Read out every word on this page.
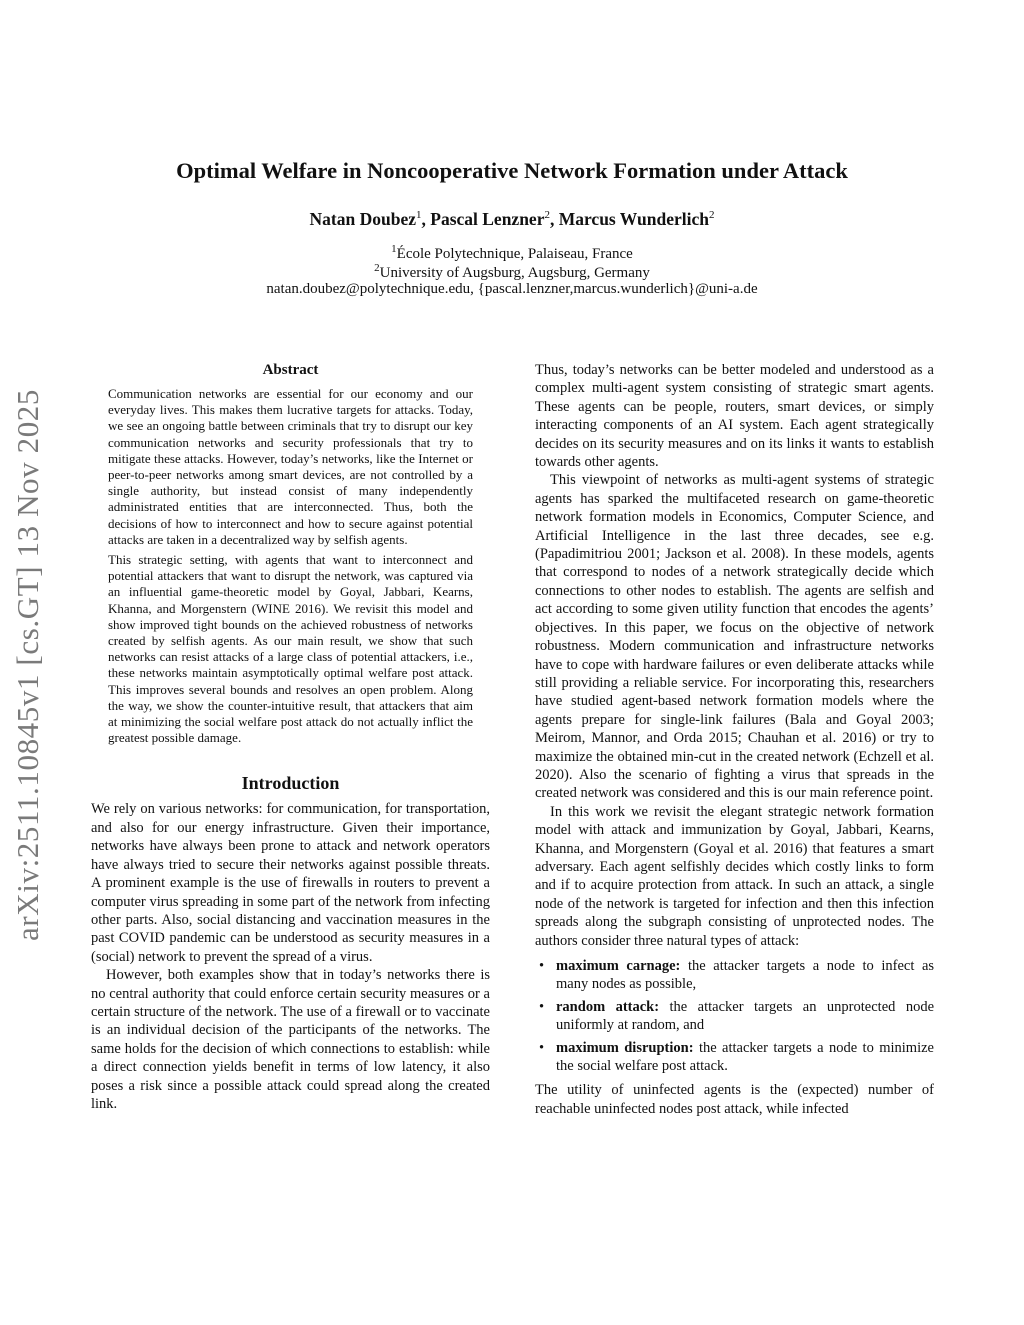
arXiv:2511.10845v1 [cs.GT] 13 Nov 2025
Optimal Welfare in Noncooperative Network Formation under Attack
Natan Doubez$^1$, Pascal Lenzner$^2$, Marcus Wunderlich$^2$
$^1$École Polytechnique, Palaiseau, France
$^2$University of Augsburg, Augsburg, Germany
natan.doubez@polytechnique.edu, {pascal.lenzner,marcus.wunderlich}@uni-a.de
Abstract

Communication networks are essential for our economy and our everyday lives. This makes them lucrative targets for attacks. Today, we see an ongoing battle between criminals that try to disrupt our key communication networks and security professionals that try to mitigate these attacks. However, today’s networks, like the Internet or peer-to-peer networks among smart devices, are not controlled by a single authority, but instead consist of many independently administrated entities that are interconnected. Thus, both the decisions of how to interconnect and how to secure against potential attacks are taken in a decentralized way by selfish agents.

This strategic setting, with agents that want to interconnect and potential attackers that want to disrupt the network, was captured via an influential game-theoretic model by Goyal, Jabbari, Kearns, Khanna, and Morgenstern (WINE 2016). We revisit this model and show improved tight bounds on the achieved robustness of networks created by selfish agents. As our main result, we show that such networks can resist attacks of a large class of potential attackers, i.e., these networks maintain asymptotically optimal welfare post attack. This improves several bounds and resolves an open problem. Along the way, we show the counter-intuitive result, that attackers that aim at minimizing the social welfare post attack do not actually inflict the greatest possible damage.

Introduction

We rely on various networks: for communication, for transportation, and also for our energy infrastructure. Given their importance, networks have always been prone to attack and network operators have always tried to secure their networks against possible threats. A prominent example is the use of firewalls in routers to prevent a computer virus spreading in some part of the network from infecting other parts. Also, social distancing and vaccination measures in the past COVID pandemic can be understood as security measures in a (social) network to prevent the spread of a virus.

However, both examples show that in today’s networks there is no central authority that could enforce certain security measures or a certain structure of the network. The use of a firewall or to vaccinate is an individual decision of the participants of the networks. The same holds for the decision of which connections to establish: while a direct connection yields benefit in terms of low latency, it also poses a risk since a possible attack could spread along the created link.

Thus, today’s networks can be better modeled and understood as a complex multi-agent system consisting of strategic smart agents. These agents can be people, routers, smart devices, or simply interacting components of an AI system. Each agent strategically decides on its security measures and on its links it wants to establish towards other agents.

This viewpoint of networks as multi-agent systems of strategic agents has sparked the multifaceted research on game-theoretic network formation models in Economics, Computer Science, and Artificial Intelligence in the last three decades, see e.g. (Papadimitriou 2001; Jackson et al. 2008). In these models, agents that correspond to nodes of a network strategically decide which connections to other nodes to establish. The agents are selfish and act according to some given utility function that encodes the agents’ objectives. In this paper, we focus on the objective of network robustness. Modern communication and infrastructure networks have to cope with hardware failures or even deliberate attacks while still providing a reliable service. For incorporating this, researchers have studied agent-based network formation models where the agents prepare for single-link failures (Bala and Goyal 2003; Meirom, Mannor, and Orda 2015; Chauhan et al. 2016) or try to maximize the obtained min-cut in the created network (Echzell et al. 2020). Also the scenario of fighting a virus that spreads in the created network was considered and this is our main reference point.

In this work we revisit the elegant strategic network formation model with attack and immunization by Goyal, Jabbari, Kearns, Khanna, and Morgenstern (Goyal et al. 2016) that features a smart adversary. Each agent selfishly decides which costly links to form and if to acquire protection from attack. In such an attack, a single node of the network is targeted for infection and then this infection spreads along the subgraph consisting of unprotected nodes. The authors consider three natural types of attack:

• maximum carnage: the attacker targets a node to infect as many nodes as possible,
• random attack: the attacker targets an unprotected node uniformly at random, and
• maximum disruption: the attacker targets a node to minimize the social welfare post attack.

The utility of uninfected agents is the (expected) number of reachable uninfected nodes post attack, while infected
